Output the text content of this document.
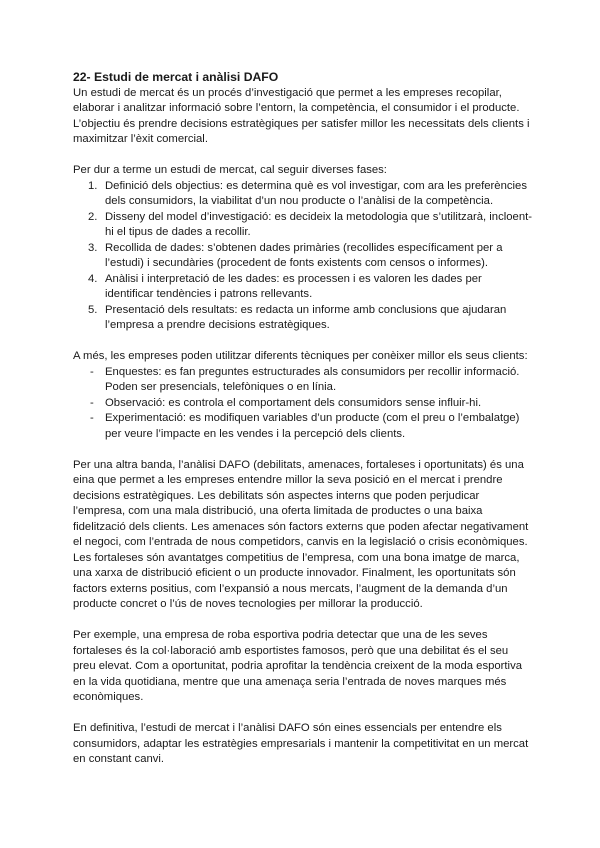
22- Estudi de mercat i anàlisi DAFO

Un estudi de mercat és un procés d’investigació que permet a les empreses recopilar, elaborar i analitzar informació sobre l’entorn, la competència, el consumidor i el producte. L’objectiu és prendre decisions estratègiques per satisfer millor les necessitats dels clients i maximitzar l’èxit comercial.

Per dur a terme un estudi de mercat, cal seguir diverses fases:

1. Definició dels objectius: es determina què es vol investigar, com ara les preferències dels consumidors, la viabilitat d’un nou producte o l’anàlisi de la competència.
2. Disseny del model d’investigació: es decideix la metodologia que s’utilitzarà, incloent-hi el tipus de dades a recollir.
3. Recollida de dades: s’obtenen dades primàries (recollides específicament per a l’estudi) i secundàries (procedent de fonts existents com censos o informes).
4. Anàlisi i interpretació de les dades: es processen i es valoren les dades per identificar tendències i patrons rellevants.
5. Presentació dels resultats: es redacta un informe amb conclusions que ajudaran l’empresa a prendre decisions estratègiques.

A més, les empreses poden utilitzar diferents tècniques per conèixer millor els seus clients:

- Enquestes: es fan preguntes estructurades als consumidors per recollir informació. Poden ser presencials, telefòniques o en línia.
- Observació: es controla el comportament dels consumidors sense influir-hi.
- Experimentació: es modifiquen variables d’un producte (com el preu o l’embalatge) per veure l’impacte en les vendes i la percepció dels clients.

Per una altra banda, l’anàlisi DAFO (debilitats, amenaces, fortaleses i oportunitats) és una eina que permet a les empreses entendre millor la seva posició en el mercat i prendre decisions estratègiques. Les debilitats són aspectes interns que poden perjudicar l’empresa, com una mala distribució, una oferta limitada de productes o una baixa fidelització dels clients. Les amenaces són factors externs que poden afectar negativament el negoci, com l’entrada de nous competidors, canvis en la legislació o crisis econòmiques. Les fortaleses són avantatges competitius de l’empresa, com una bona imatge de marca, una xarxa de distribució eficient o un producte innovador. Finalment, les oportunitats són factors externs positius, com l’expansió a nous mercats, l’augment de la demanda d’un producte concret o l’ús de noves tecnologies per millorar la producció.

Per exemple, una empresa de roba esportiva podria detectar que una de les seves fortaleses és la col·laboració amb esportistes famosos, però que una debilitat és el seu preu elevat. Com a oportunitat, podria aprofitar la tendència creixent de la moda esportiva en la vida quotidiana, mentre que una amenaça seria l’entrada de noves marques més econòmiques.

En definitiva, l’estudi de mercat i l’anàlisi DAFO són eines essencials per entendre els consumidors, adaptar les estratègies empresarials i mantenir la competitivitat en un mercat en constant canvi.
